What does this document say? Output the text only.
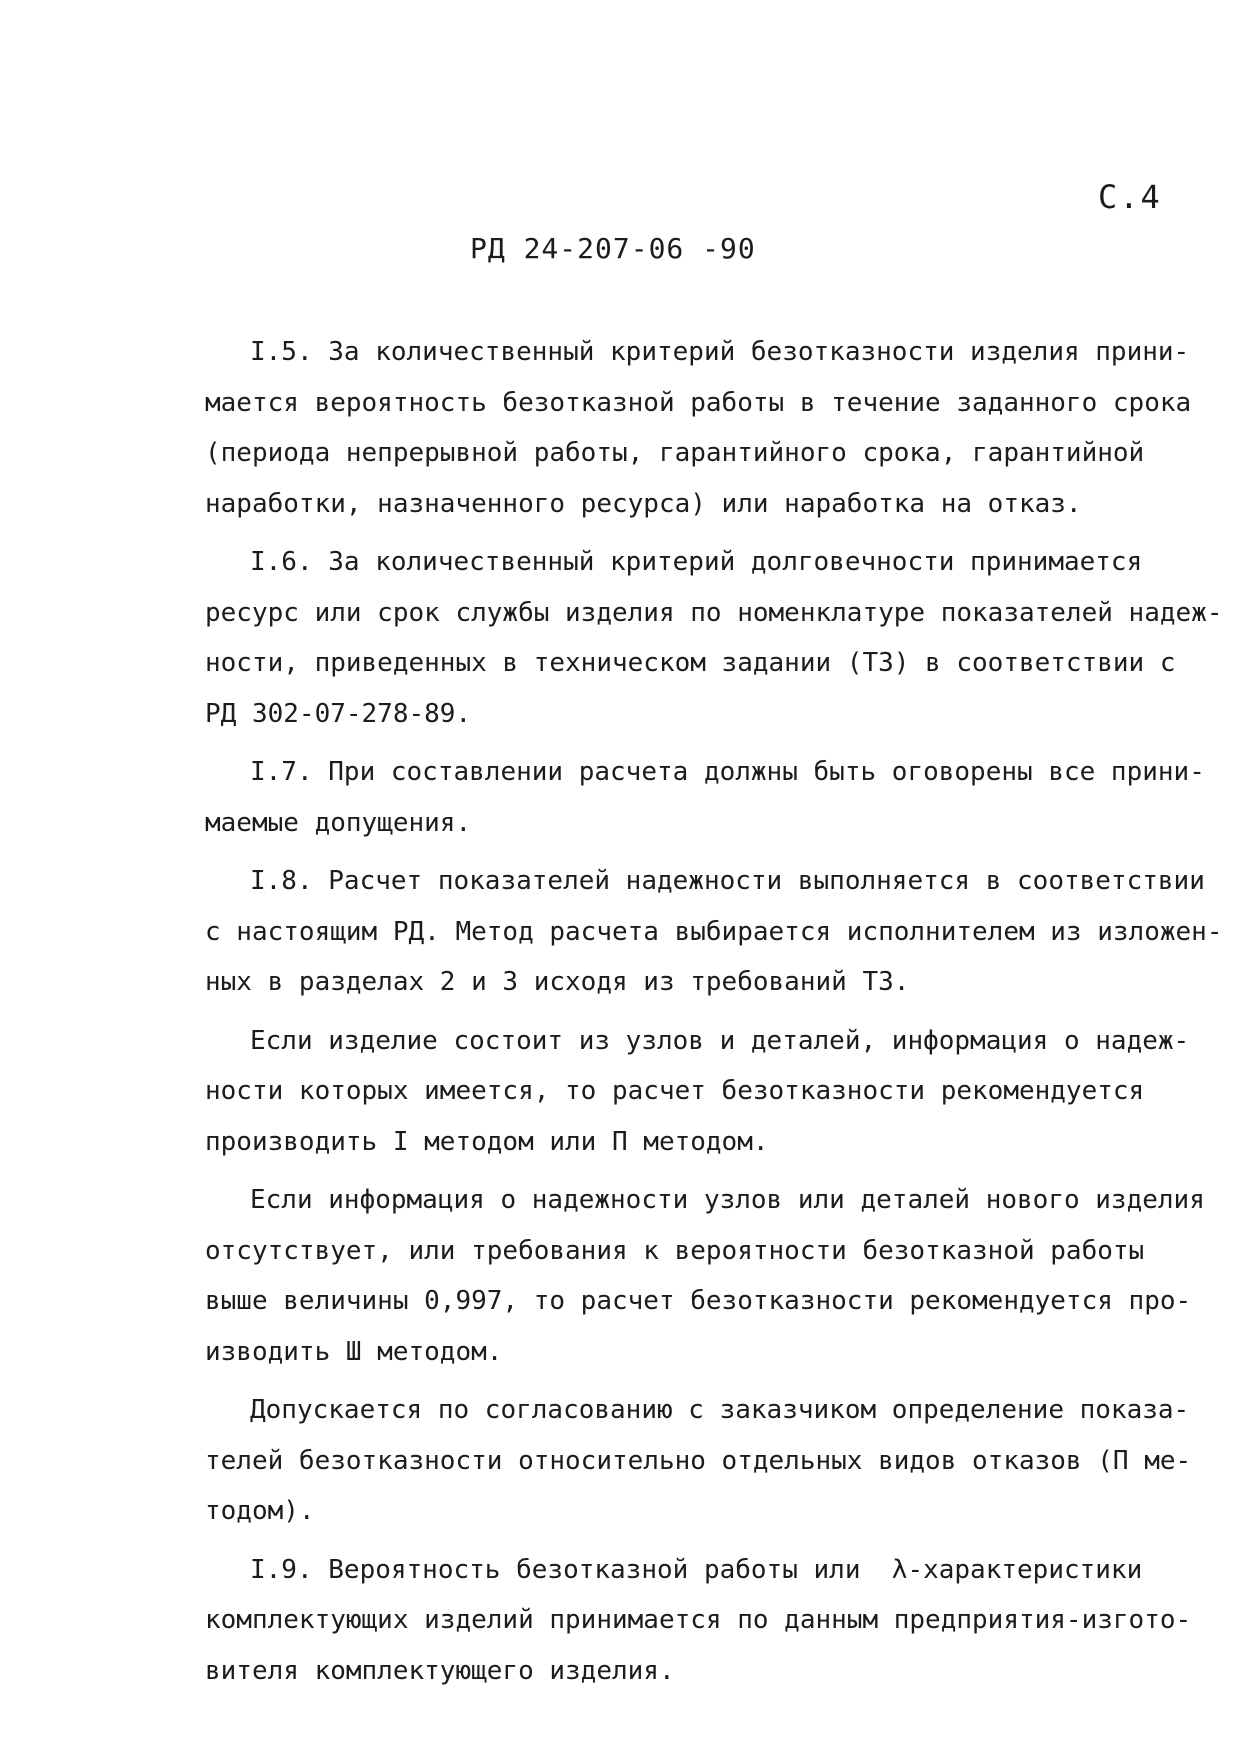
С.4
РД 24-207-06 -90
I.5. За количественный критерий безотказности изделия прини-
мается вероятность безотказной работы в течение заданного срока
(периода непрерывной работы, гарантийного срока, гарантийной
наработки, назначенного ресурса) или наработка на отказ.
I.6. За количественный критерий долговечности принимается
ресурс или срок службы изделия по номенклатуре показателей надеж-
ности, приведенных в техническом задании (ТЗ) в соответствии с
РД 302-07-278-89.
I.7. При составлении расчета должны быть оговорены все прини-
маемые допущения.
I.8. Расчет показателей надежности выполняется в соответствии
с настоящим РД. Метод расчета выбирается исполнителем из изложен-
ных в разделах 2 и 3 исходя из требований ТЗ.
Если изделие состоит из узлов и деталей, информация о надеж-
ности которых имеется, то расчет безотказности рекомендуется
производить I методом или П методом.
Если информация о надежности узлов или деталей нового изделия
отсутствует, или требования к вероятности безотказной работы
выше величины 0,997, то расчет безотказности рекомендуется про-
изводить Ш методом.
Допускается по согласованию с заказчиком определение показа-
телей безотказности относительно отдельных видов отказов (П ме-
тодом).
I.9. Вероятность безотказной работы или  λ-характеристики
комплектующих изделий принимается по данным предприятия-изгото-
вителя комплектующего изделия.
